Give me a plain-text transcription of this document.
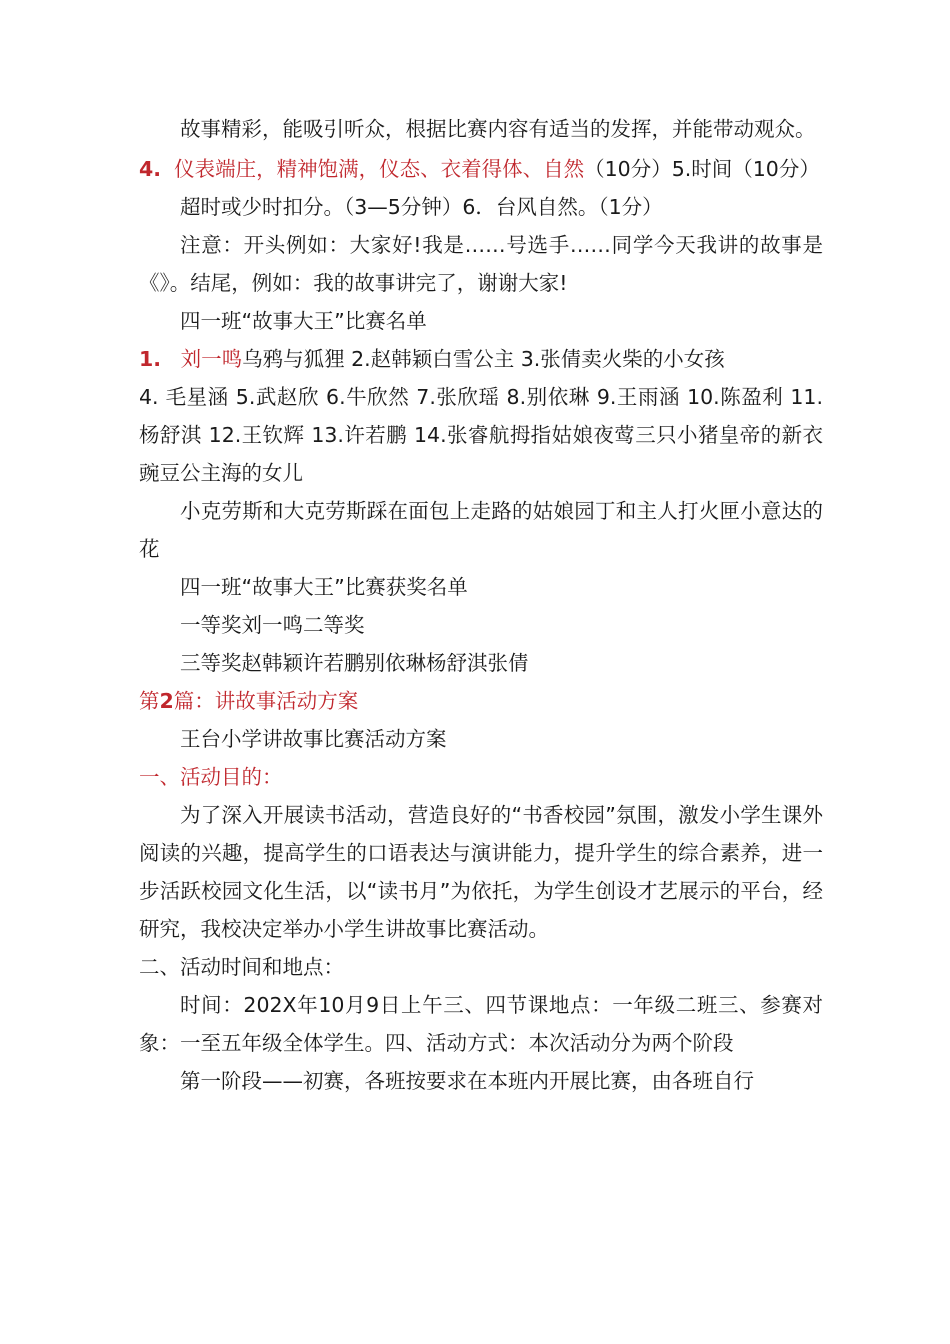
故事精彩，能吸引听众，根据比赛内容有适当的发挥，并能带动观众。

4. 仪表端庄，精神饱满，仪态、衣着得体、自然（10分）5.时间（10分）

超时或少时扣分。（3—5分钟）6．台风自然。（1分）

注意：开头例如：大家好!我是……号选手……同学今天我讲的故事是《》。结尾，例如：我的故事讲完了，谢谢大家!

四一班“故事大王”比赛名单

1. 刘一鸣乌鸦与狐狸 2.赵韩颖白雪公主 3.张倩卖火柴的小女孩

4. 毛星涵 5.武赵欣 6.牛欣然 7.张欣瑶 8.别依琳 9.王雨涵 10.陈盈利 11.杨舒淇 12.王钦辉 13.许若鹏 14.张睿航拇指姑娘夜莺三只小猪皇帝的新衣豌豆公主海的女儿

小克劳斯和大克劳斯踩在面包上走路的姑娘园丁和主人打火匣小意达的花

四一班“故事大王”比赛获奖名单

一等奖刘一鸣二等奖

三等奖赵韩颖许若鹏别依琳杨舒淇张倩

第2篇：讲故事活动方案

王台小学讲故事比赛活动方案

一、活动目的：

为了深入开展读书活动，营造良好的“书香校园”氛围，激发小学生课外阅读的兴趣，提高学生的口语表达与演讲能力，提升学生的综合素养，进一步活跃校园文化生活，以“读书月”为依托，为学生创设才艺展示的平台，经研究，我校决定举办小学生讲故事比赛活动。

二、活动时间和地点：

时间：202X年10月9日上午三、四节课地点：一年级二班三、参赛对象：一至五年级全体学生。四、活动方式：本次活动分为两个阶段

第一阶段——初赛，各班按要求在本班内开展比赛，由各班自行
